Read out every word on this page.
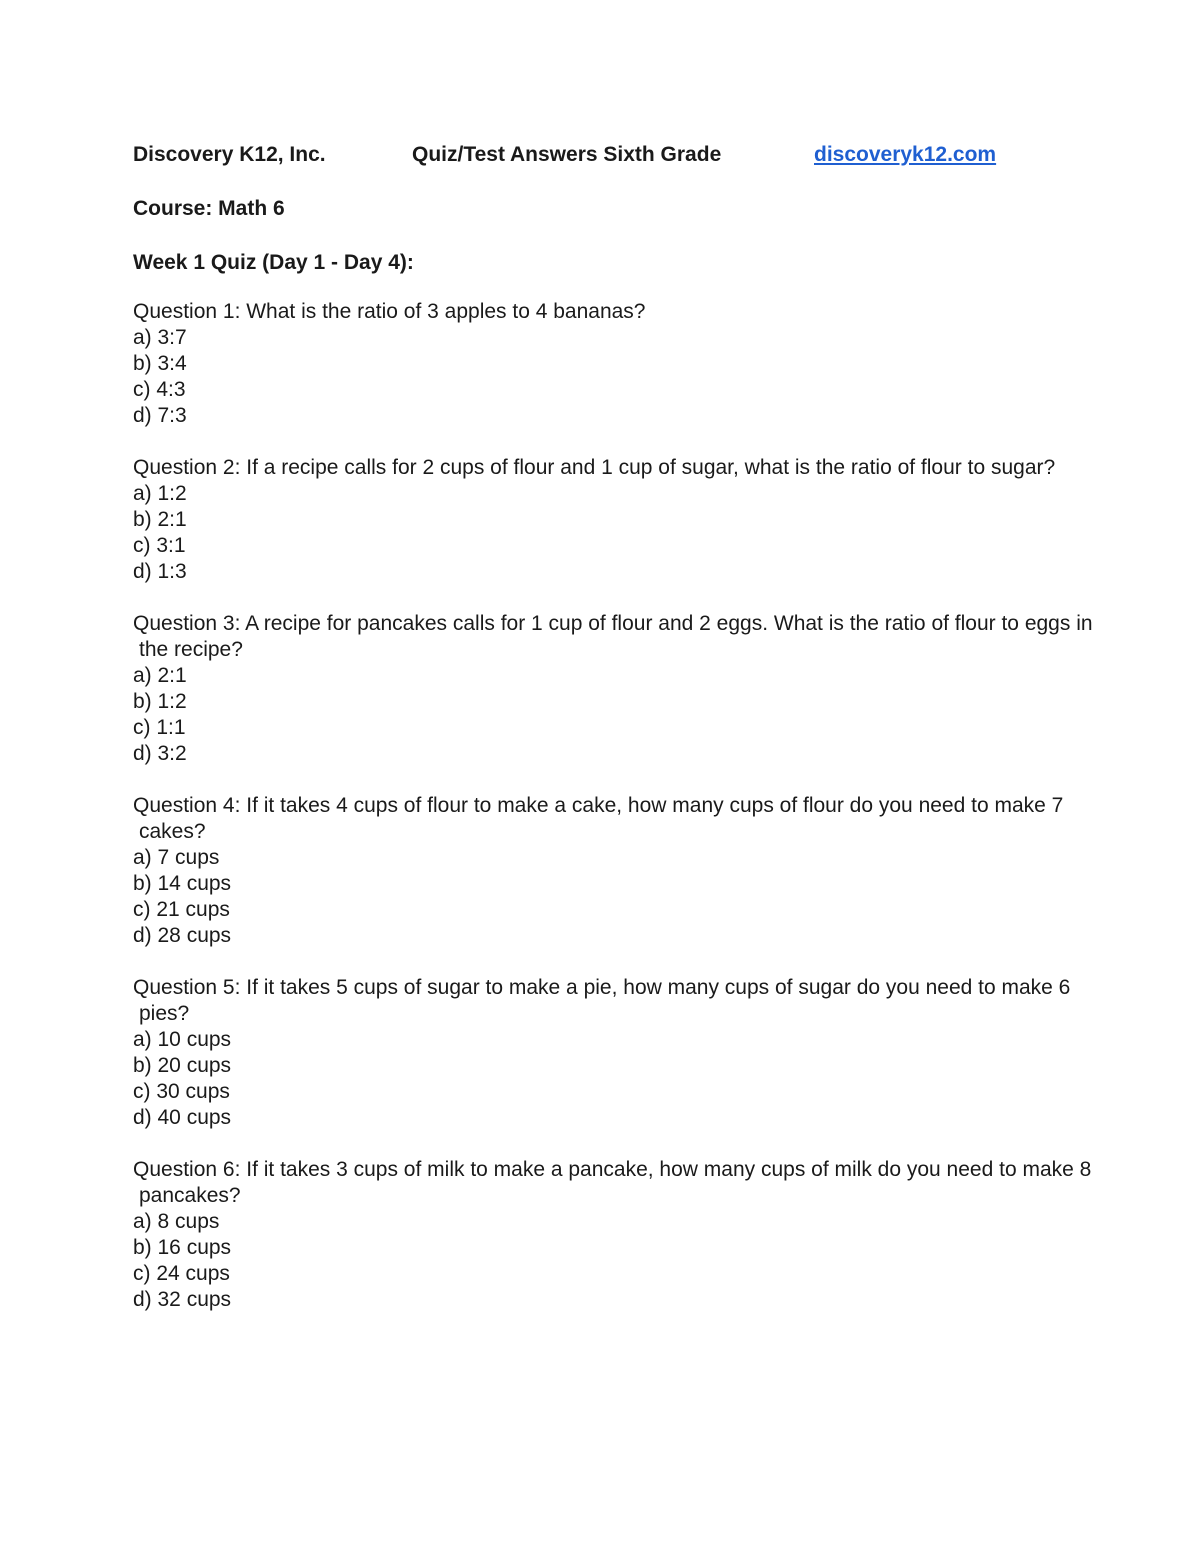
Discovery K12, Inc.	Quiz/Test Answers Sixth Grade	discoveryk12.com
Course: Math 6
Week 1 Quiz (Day 1 - Day 4):
Question 1: What is the ratio of 3 apples to 4 bananas?
a) 3:7
b) 3:4
c) 4:3
d) 7:3
Question 2: If a recipe calls for 2 cups of flour and 1 cup of sugar, what is the ratio of flour to sugar?
a) 1:2
b) 2:1
c) 3:1
d) 1:3
Question 3: A recipe for pancakes calls for 1 cup of flour and 2 eggs. What is the ratio of flour to eggs in the recipe?
a) 2:1
b) 1:2
c) 1:1
d) 3:2
Question 4: If it takes 4 cups of flour to make a cake, how many cups of flour do you need to make 7 cakes?
a) 7 cups
b) 14 cups
c) 21 cups
d) 28 cups
Question 5: If it takes 5 cups of sugar to make a pie, how many cups of sugar do you need to make 6 pies?
a) 10 cups
b) 20 cups
c) 30 cups
d) 40 cups
Question 6: If it takes 3 cups of milk to make a pancake, how many cups of milk do you need to make 8 pancakes?
a) 8 cups
b) 16 cups
c) 24 cups
d) 32 cups
